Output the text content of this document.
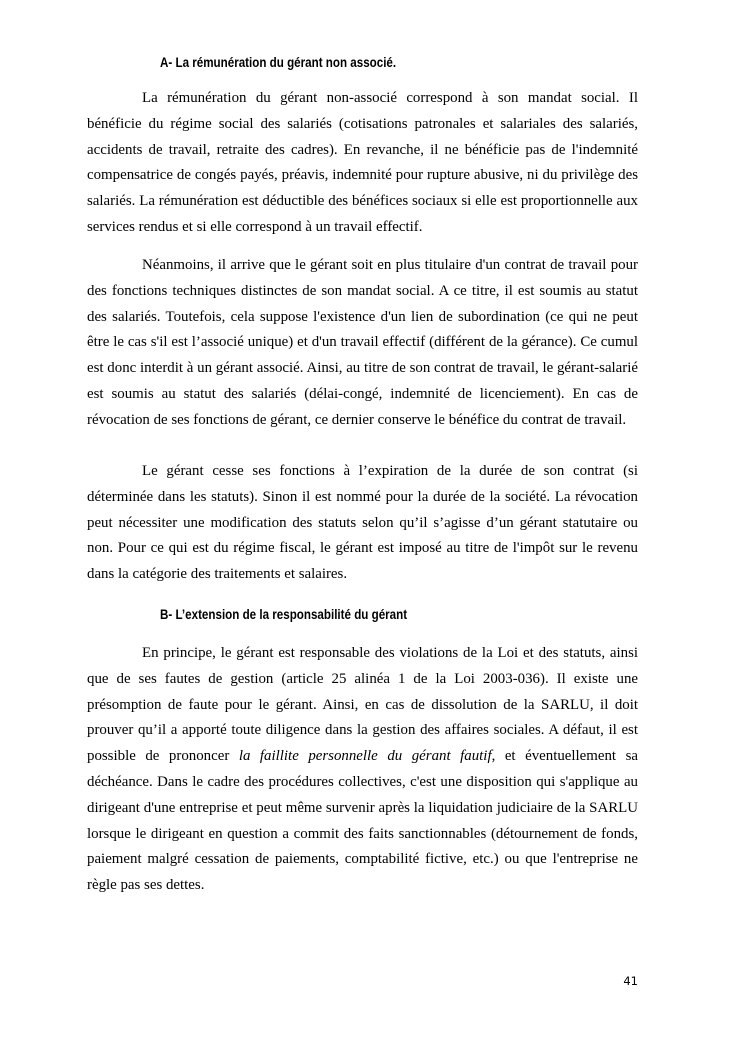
A- La rémunération du gérant non associé.

La rémunération du gérant non-associé correspond à son mandat social. Il bénéficie du régime social des salariés (cotisations patronales et salariales des salariés, accidents de travail, retraite des cadres). En revanche, il ne bénéficie pas de l'indemnité compensatrice de congés payés, préavis, indemnité pour rupture abusive, ni du privilège des salariés. La rémunération est déductible des bénéfices sociaux si elle est proportionnelle aux services rendus et si elle correspond à un travail effectif.

Néanmoins, il arrive que le gérant soit en plus titulaire d'un contrat de travail pour des fonctions techniques distinctes de son mandat social. A ce titre, il est soumis au statut des salariés. Toutefois, cela suppose l'existence d'un lien de subordination (ce qui ne peut être le cas s'il est l’associé unique) et d'un travail effectif (différent de la gérance). Ce cumul est donc interdit à un gérant associé. Ainsi, au titre de son contrat de travail, le gérant-salarié est soumis au statut des salariés (délai-congé, indemnité de licenciement). En cas de révocation de ses fonctions de gérant, ce dernier conserve le bénéfice du contrat de travail.

Le gérant cesse ses fonctions à l’expiration de la durée de son contrat (si déterminée dans les statuts). Sinon il est nommé pour la durée de la société. La révocation peut nécessiter une modification des statuts selon qu’il s’agisse d’un gérant statutaire ou non. Pour ce qui est du régime fiscal, le gérant est imposé au titre de l'impôt sur le revenu dans la catégorie des traitements et salaires.

B- L’extension de la responsabilité du gérant

En principe, le gérant est responsable des violations de la Loi et des statuts, ainsi que de ses fautes de gestion (article 25 alinéa 1 de la Loi 2003-036). Il existe une présomption de faute pour le gérant. Ainsi, en cas de dissolution de la SARLU, il doit prouver qu’il a apporté toute diligence dans la gestion des affaires sociales. A défaut, il est possible de prononcer la faillite personnelle du gérant fautif, et éventuellement sa déchéance. Dans le cadre des procédures collectives, c'est une disposition qui s'applique au dirigeant d'une entreprise et peut même survenir après la liquidation judiciaire de la SARLU lorsque le dirigeant en question a commit des faits sanctionnables (détournement de fonds, paiement malgré cessation de paiements, comptabilité fictive, etc.) ou que l'entreprise ne règle pas ses dettes.

41
